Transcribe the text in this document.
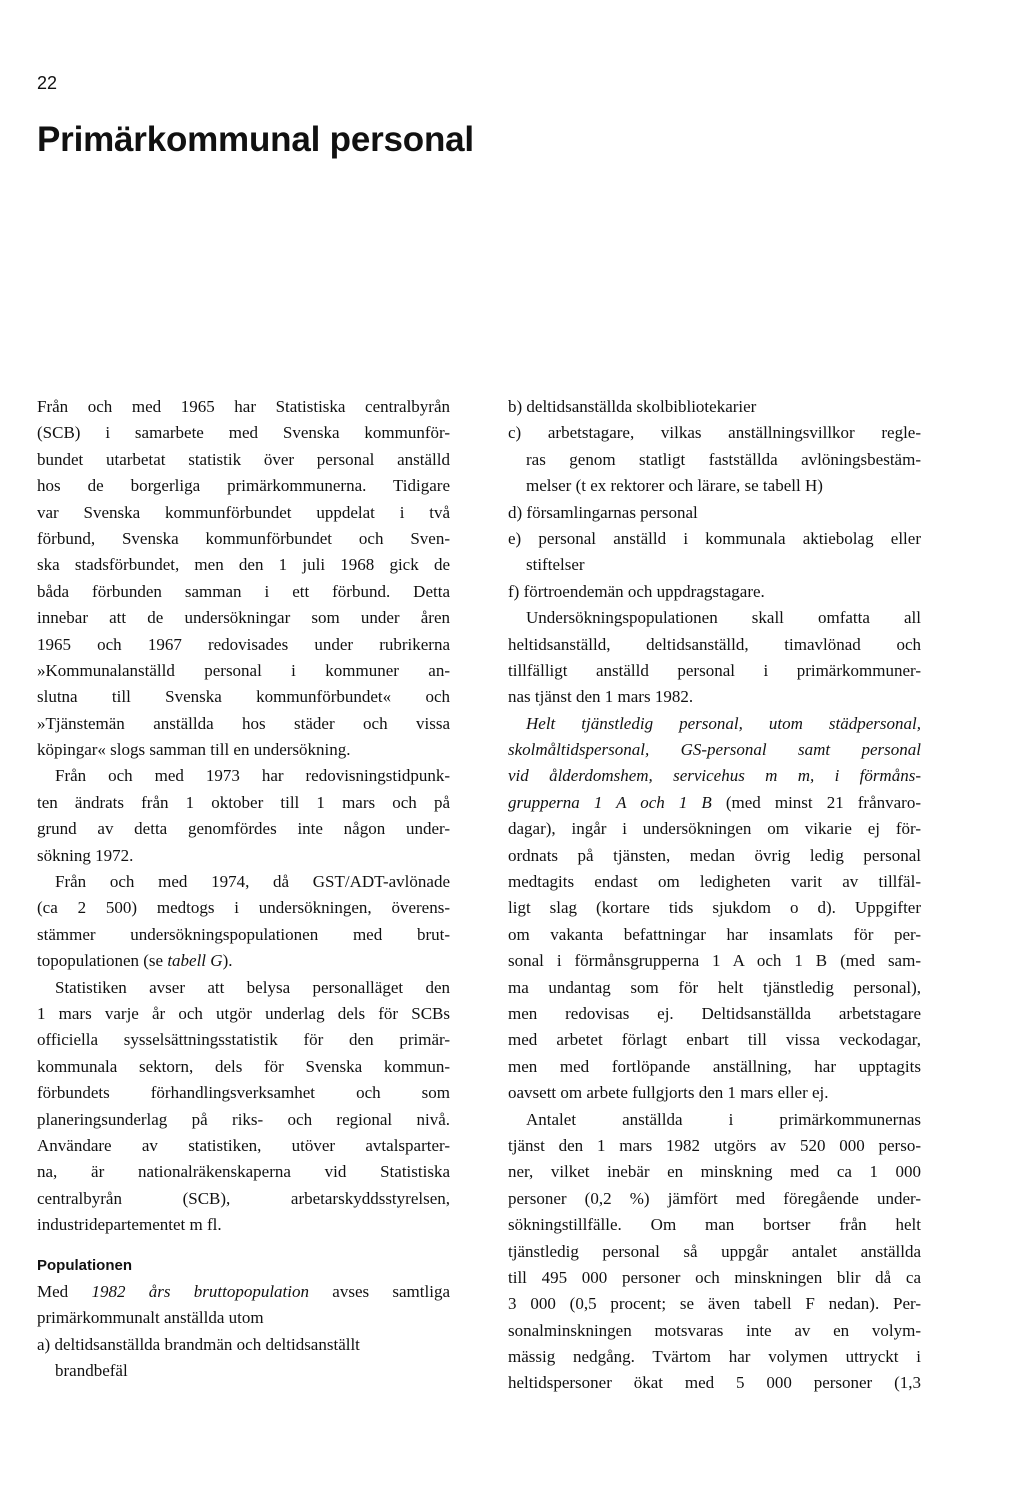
22
Primärkommunal personal
Från och med 1965 har Statistiska centralbyrån
(SCB) i samarbete med Svenska kommunför-
bundet utarbetat statistik över personal anställd
hos de borgerliga primärkommunerna. Tidigare
var Svenska kommunförbundet uppdelat i två
förbund, Svenska kommunförbundet och Sven-
ska stadsförbundet, men den 1 juli 1968 gick de
båda förbunden samman i ett förbund. Detta
innebar att de undersökningar som under åren
1965 och 1967 redovisades under rubrikerna
»Kommunalanställd personal i kommuner an-
slutna till Svenska kommunförbundet« och
»Tjänstemän anställda hos städer och vissa
köpingar« slogs samman till en undersökning.
Från och med 1973 har redovisningstidpunk-
ten ändrats från 1 oktober till 1 mars och på
grund av detta genomfördes inte någon under-
sökning 1972.
Från och med 1974, då GST/ADT-avlönade
(ca 2 500) medtogs i undersökningen, överens-
stämmer undersökningspopulationen med brut-
topopulationen (se tabell G).
Statistiken avser att belysa personalläget den
1 mars varje år och utgör underlag dels för SCBs
officiella sysselsättningsstatistik för den primär-
kommunala sektorn, dels för Svenska kommun-
förbundets förhandlingsverksamhet och som
planeringsunderlag på riks- och regional nivå.
Användare av statistiken, utöver avtalsparter-
na, är nationalräkenskaperna vid Statistiska
centralbyrån (SCB), arbetarskyddsstyrelsen,
industridepartementet m fl.
Populationen
Med 1982 års bruttopopulation avses samtliga
primärkommunalt anställda utom
a) deltidsanställda brandmän och deltidsanställt
brandbefäl
b) deltidsanställda skolbibliotekarier
c) arbetstagare, vilkas anställningsvillkor regle-
ras genom statligt fastställda avlöningsbestäm-
melser (t ex rektorer och lärare, se tabell H)
d) församlingarnas personal
e) personal anställd i kommunala aktiebolag eller
stiftelser
f) förtroendemän och uppdragstagare.
Undersökningspopulationen skall omfatta all
heltidsanställd, deltidsanställd, timavlönad och
tillfälligt anställd personal i primärkommuner-
nas tjänst den 1 mars 1982.
Helt tjänstledig personal, utom städpersonal,
skolmåltidspersonal, GS-personal samt personal
vid ålderdomshem, servicehus m m, i förmåns-
grupperna 1 A och 1 B (med minst 21 frånvaro-
dagar), ingår i undersökningen om vikarie ej för-
ordnats på tjänsten, medan övrig ledig personal
medtagits endast om ledigheten varit av tillfäl-
ligt slag (kortare tids sjukdom o d). Uppgifter
om vakanta befattningar har insamlats för per-
sonal i förmånsgrupperna 1 A och 1 B (med sam-
ma undantag som för helt tjänstledig personal),
men redovisas ej. Deltidsanställda arbetstagare
med arbetet förlagt enbart till vissa veckodagar,
men med fortlöpande anställning, har upptagits
oavsett om arbete fullgjorts den 1 mars eller ej.
Antalet anställda i primärkommunernas
tjänst den 1 mars 1982 utgörs av 520 000 perso-
ner, vilket inebär en minskning med ca 1 000
personer (0,2 %) jämfört med föregående under-
sökningstillfälle. Om man bortser från helt
tjänstledig personal så uppgår antalet anställda
till 495 000 personer och minskningen blir då ca
3 000 (0,5 procent; se även tabell F nedan). Per-
sonalminskningen motsvaras inte av en volym-
mässig nedgång. Tvärtom har volymen uttryckt i
heltidspersoner ökat med 5 000 personer (1,3
